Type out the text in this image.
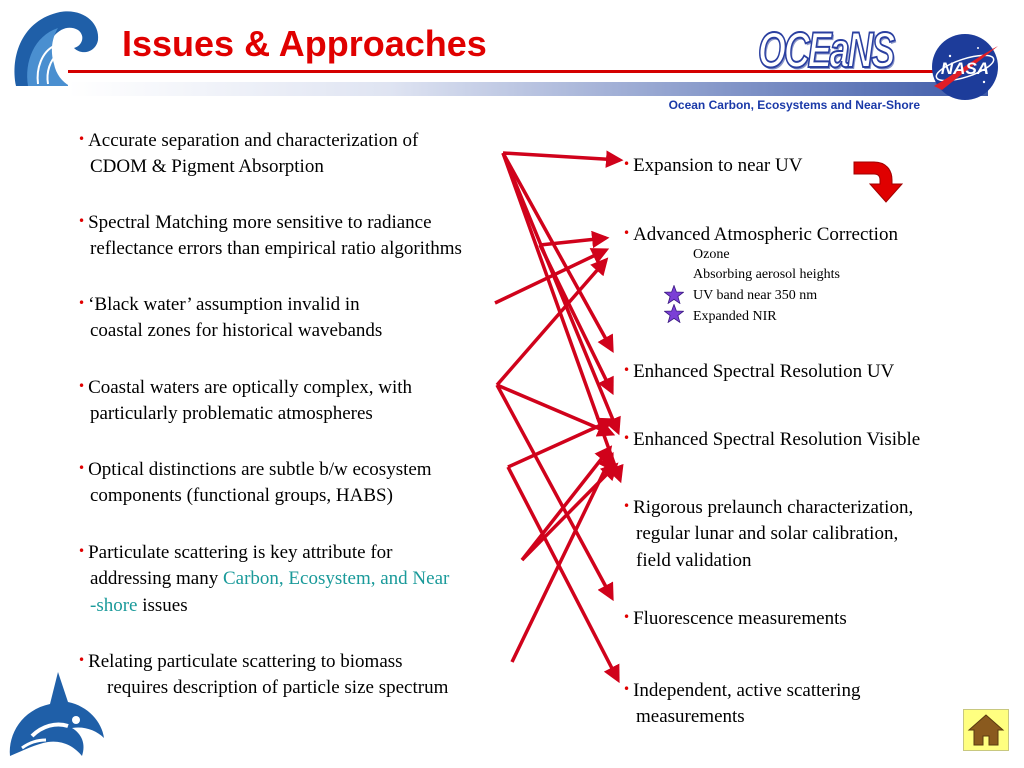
Issues & Approaches	OCEaNS
Ocean Carbon, Ecosystems and Near-Shore
NASA
• Accurate separation and characterization of
CDOM & Pigment Absorption
• Spectral Matching more sensitive to radiance
reflectance errors than empirical ratio algorithms
• ‘Black water’ assumption invalid in
coastal zones for historical wavebands
• Coastal waters are optically complex, with
particularly problematic atmospheres
• Optical distinctions are subtle b/w ecosystem
components (functional groups, HABS)
• Particulate scattering is key attribute for
addressing many Carbon, Ecosystem, and Near
-shore issues
• Relating particulate scattering to biomass
requires description of particle size spectrum
• Expansion to near UV
• Advanced Atmospheric Correction
Ozone
Absorbing aerosol heights
UV band near 350 nm
Expanded NIR
• Enhanced Spectral Resolution UV
• Enhanced Spectral Resolution Visible
• Rigorous prelaunch characterization,
regular lunar and solar calibration,
field validation
• Fluorescence measurements
• Independent, active scattering
measurements
